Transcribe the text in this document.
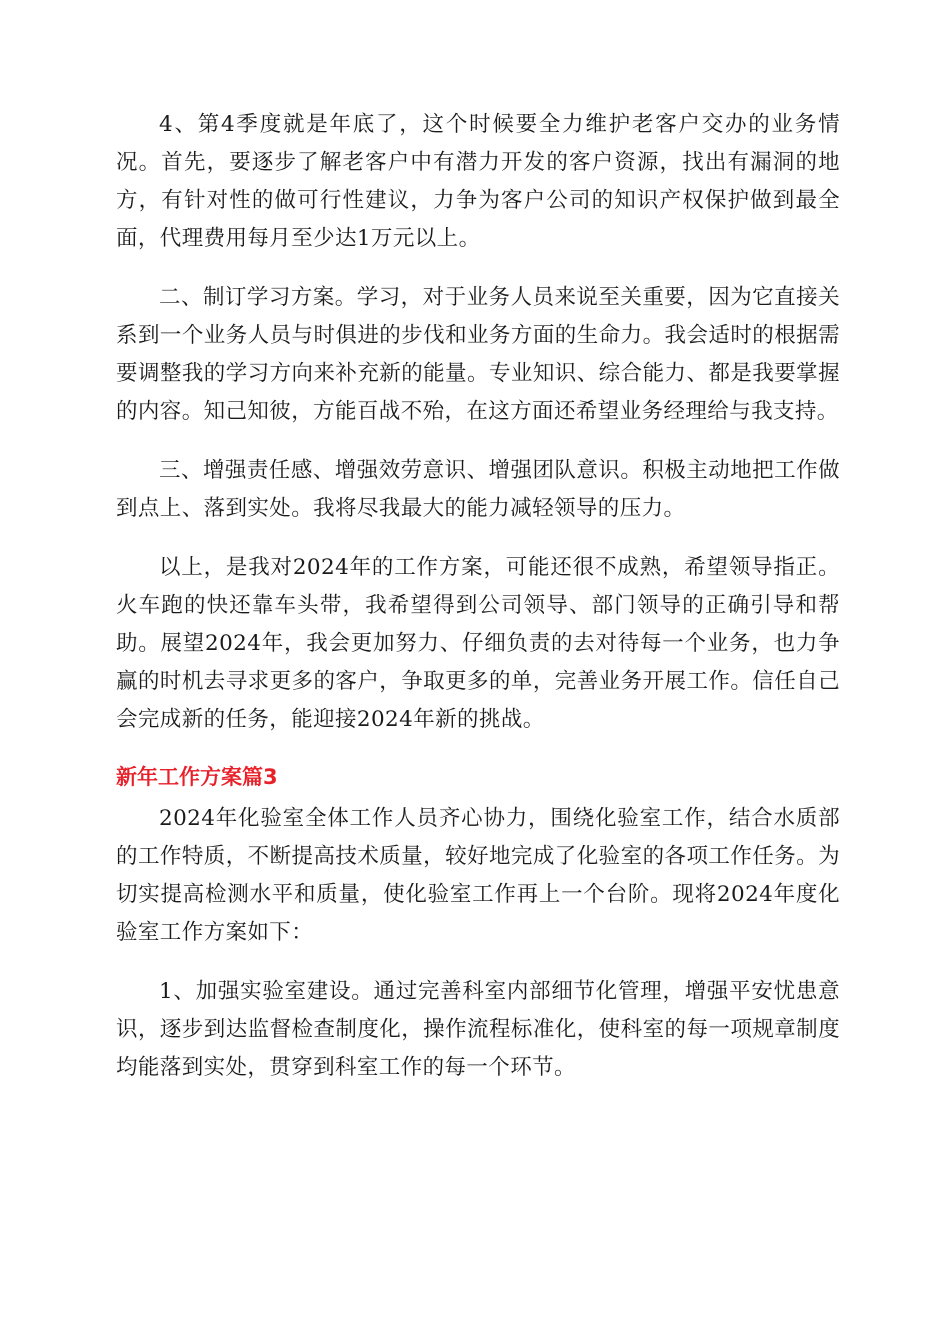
4、第4季度就是年底了，这个时候要全力维护老客户交办的业务情况。首先，要逐步了解老客户中有潜力开发的客户资源，找出有漏洞的地方，有针对性的做可行性建议，力争为客户公司的知识产权保护做到最全面，代理费用每月至少达1万元以上。

二、制订学习方案。学习，对于业务人员来说至关重要，因为它直接关系到一个业务人员与时俱进的步伐和业务方面的生命力。我会适时的根据需要调整我的学习方向来补充新的能量。专业知识、综合能力、都是我要掌握的内容。知己知彼，方能百战不殆，在这方面还希望业务经理给与我支持。

三、增强责任感、增强效劳意识、增强团队意识。积极主动地把工作做到点上、落到实处。我将尽我最大的能力减轻领导的压力。

以上，是我对2024年的工作方案，可能还很不成熟，希望领导指正。火车跑的快还靠车头带，我希望得到公司领导、部门领导的正确引导和帮助。展望2024年，我会更加努力、仔细负责的去对待每一个业务，也力争赢的时机去寻求更多的客户，争取更多的单，完善业务开展工作。信任自己会完成新的任务，能迎接2024年新的挑战。

新年工作方案篇3

2024年化验室全体工作人员齐心协力，围绕化验室工作，结合水质部的工作特质，不断提高技术质量，较好地完成了化验室的各项工作任务。为切实提高检测水平和质量，使化验室工作再上一个台阶。现将2024年度化验室工作方案如下：

1、加强实验室建设。通过完善科室内部细节化管理，增强平安忧患意识，逐步到达监督检查制度化，操作流程标准化，使科室的每一项规章制度均能落到实处，贯穿到科室工作的每一个环节。
